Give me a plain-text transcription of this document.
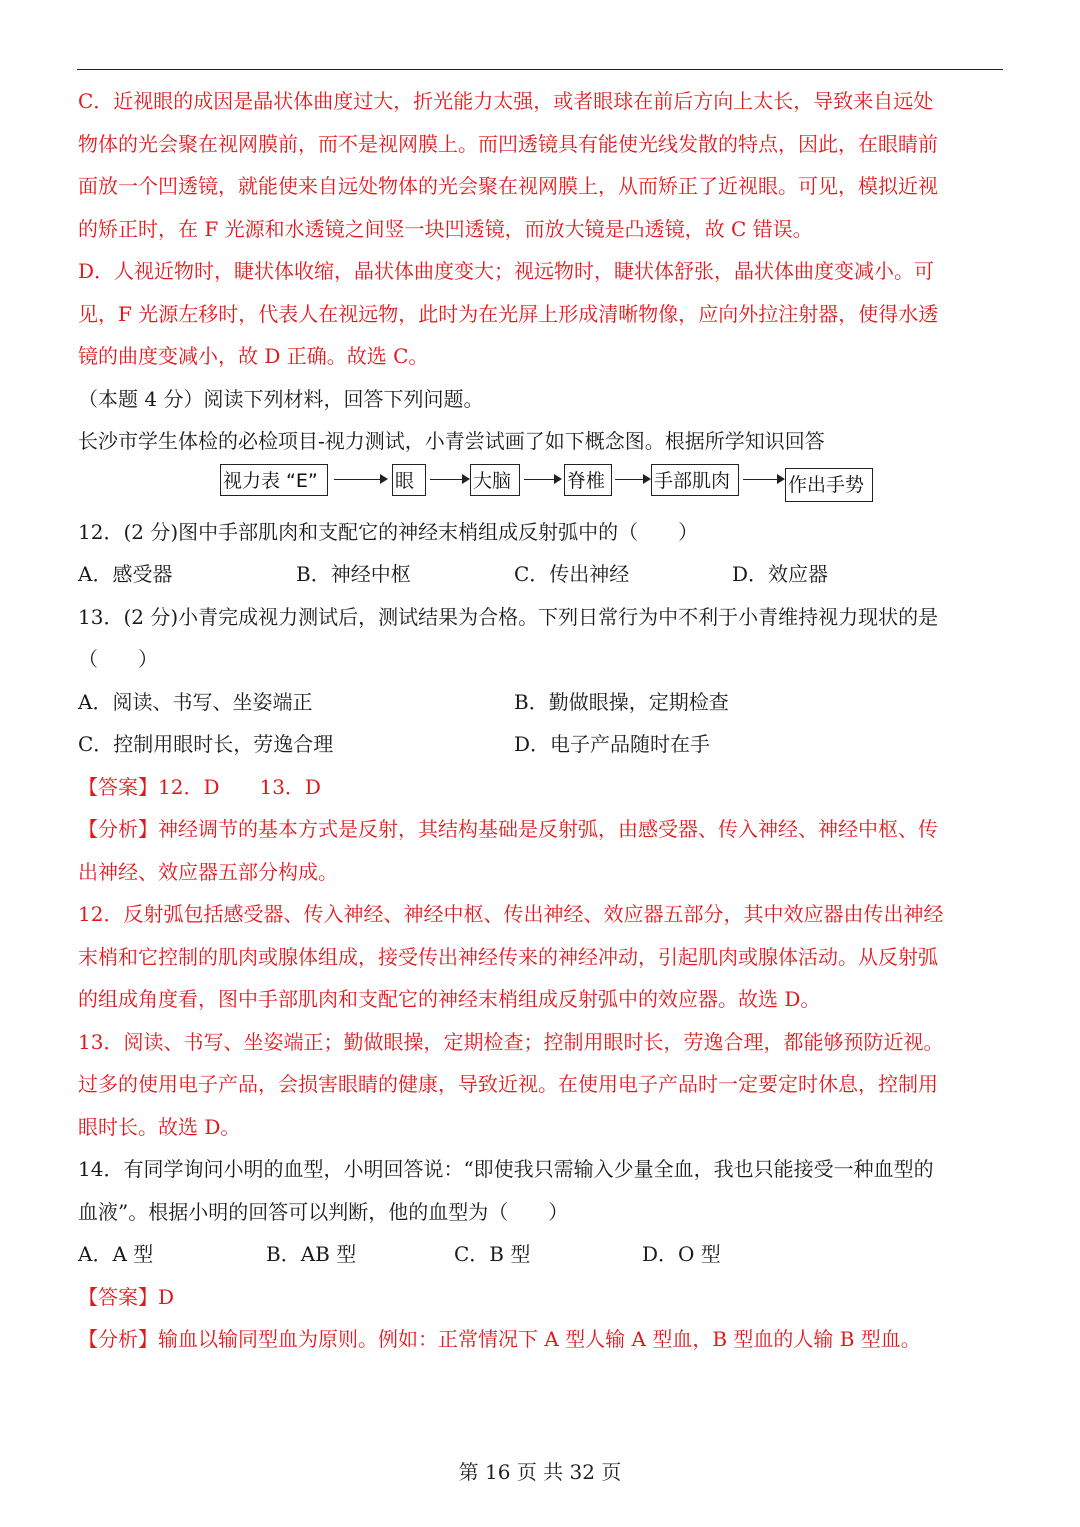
C．近视眼的成因是晶状体曲度过大，折光能力太强，或者眼球在前后方向上太长，导致来自远处

物体的光会聚在视网膜前，而不是视网膜上。而凹透镜具有能使光线发散的特点，因此，在眼睛前

面放一个凹透镜，就能使来自远处物体的光会聚在视网膜上，从而矫正了近视眼。可见，模拟近视

的矫正时，在 F 光源和水透镜之间竖一块凹透镜，而放大镜是凸透镜，故 C 错误。

D．人视近物时，睫状体收缩，晶状体曲度变大；视远物时，睫状体舒张，晶状体曲度变减小。可

见，F 光源左移时，代表人在视远物，此时为在光屏上形成清晰物像，应向外拉注射器，使得水透

镜的曲度变减小，故 D 正确。故选 C。

（本题 4 分）阅读下列材料，回答下列问题。

长沙市学生体检的必检项目-视力测试，小青尝试画了如下概念图。根据所学知识回答

视力表 “E”	眼	大脑	脊椎	手部肌肉	作出手势

12．(2 分)图中手部肌肉和支配它的神经末梢组成反射弧中的（　　）

A．感受器	B．神经中枢	C．传出神经	D．效应器

13．(2 分)小青完成视力测试后，测试结果为合格。下列日常行为中不利于小青维持视力现状的是

（　　）

A．阅读、书写、坐姿端正	B．勤做眼操，定期检查
C．控制用眼时长，劳逸合理	D．电子产品随时在手

【答案】12．D　　13．D

【分析】神经调节的基本方式是反射，其结构基础是反射弧，由感受器、传入神经、神经中枢、传

出神经、效应器五部分构成。

12．反射弧包括感受器、传入神经、神经中枢、传出神经、效应器五部分，其中效应器由传出神经

末梢和它控制的肌肉或腺体组成，接受传出神经传来的神经冲动，引起肌肉或腺体活动。从反射弧

的组成角度看，图中手部肌肉和支配它的神经末梢组成反射弧中的效应器。故选 D。

13．阅读、书写、坐姿端正；勤做眼操，定期检查；控制用眼时长，劳逸合理，都能够预防近视。

过多的使用电子产品，会损害眼睛的健康，导致近视。在使用电子产品时一定要定时休息，控制用

眼时长。故选 D。

14．有同学询问小明的血型，小明回答说：“即使我只需输入少量全血，我也只能接受一种血型的

血液”。根据小明的回答可以判断，他的血型为（　　）

A．A 型	B．AB 型	C．B 型	D．O 型

【答案】D

【分析】输血以输同型血为原则。例如：正常情况下 A 型人输 A 型血，B 型血的人输 B 型血。

第 16 页 共 32 页
